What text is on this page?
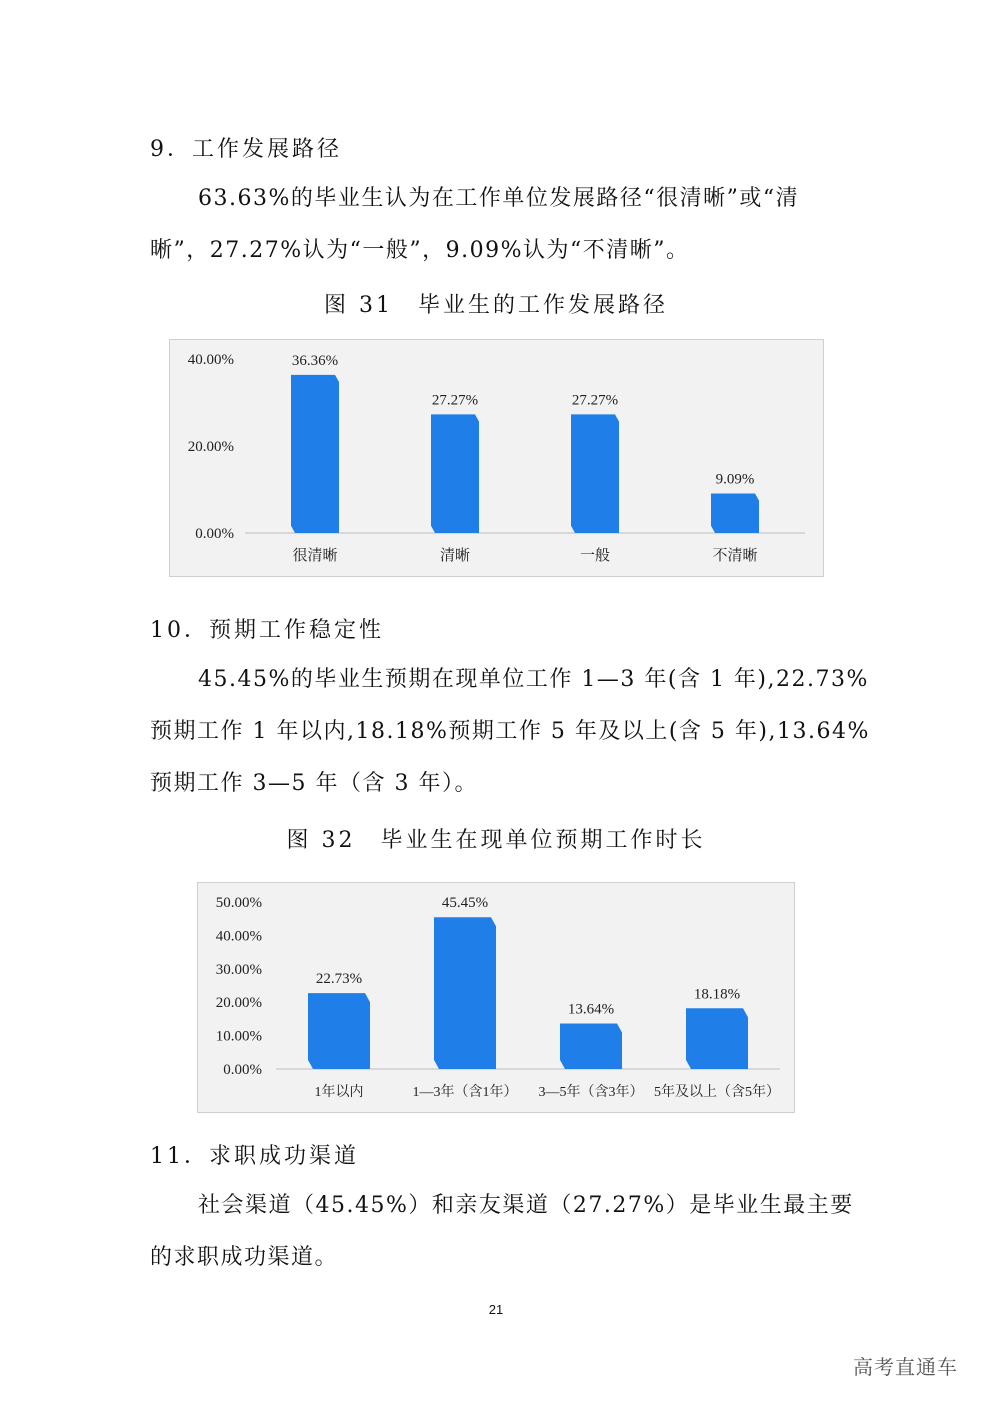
9．工作发展路径
63.63%的毕业生认为在工作单位发展路径“很清晰”或“清
晰”，27.27%认为“一般”，9.09%认为“不清晰”。
图 31　毕业生的工作发展路径
0.00%
20.00%
40.00%	36.36%
很清晰
27.27%
清晰
27.27%
一般
9.09%
不清晰
10．预期工作稳定性
45.45%的毕业生预期在现单位工作 1—3 年(含 1 年),22.73%
预期工作 1 年以内,18.18%预期工作 5 年及以上(含 5 年),13.64%
预期工作 3—5 年（含 3 年）。
图 32　毕业生在现单位预期工作时长
0.00%
10.00%
20.00%
30.00%
40.00%
50.00%
22.73%
1年以内
45.45%
1—3年（含1年）
13.64%
3—5年（含3年）
18.18%
5年及以上（含5年）
11．求职成功渠道
社会渠道（45.45%）和亲友渠道（27.27%）是毕业生最主要
的求职成功渠道。
21
高考直通车
